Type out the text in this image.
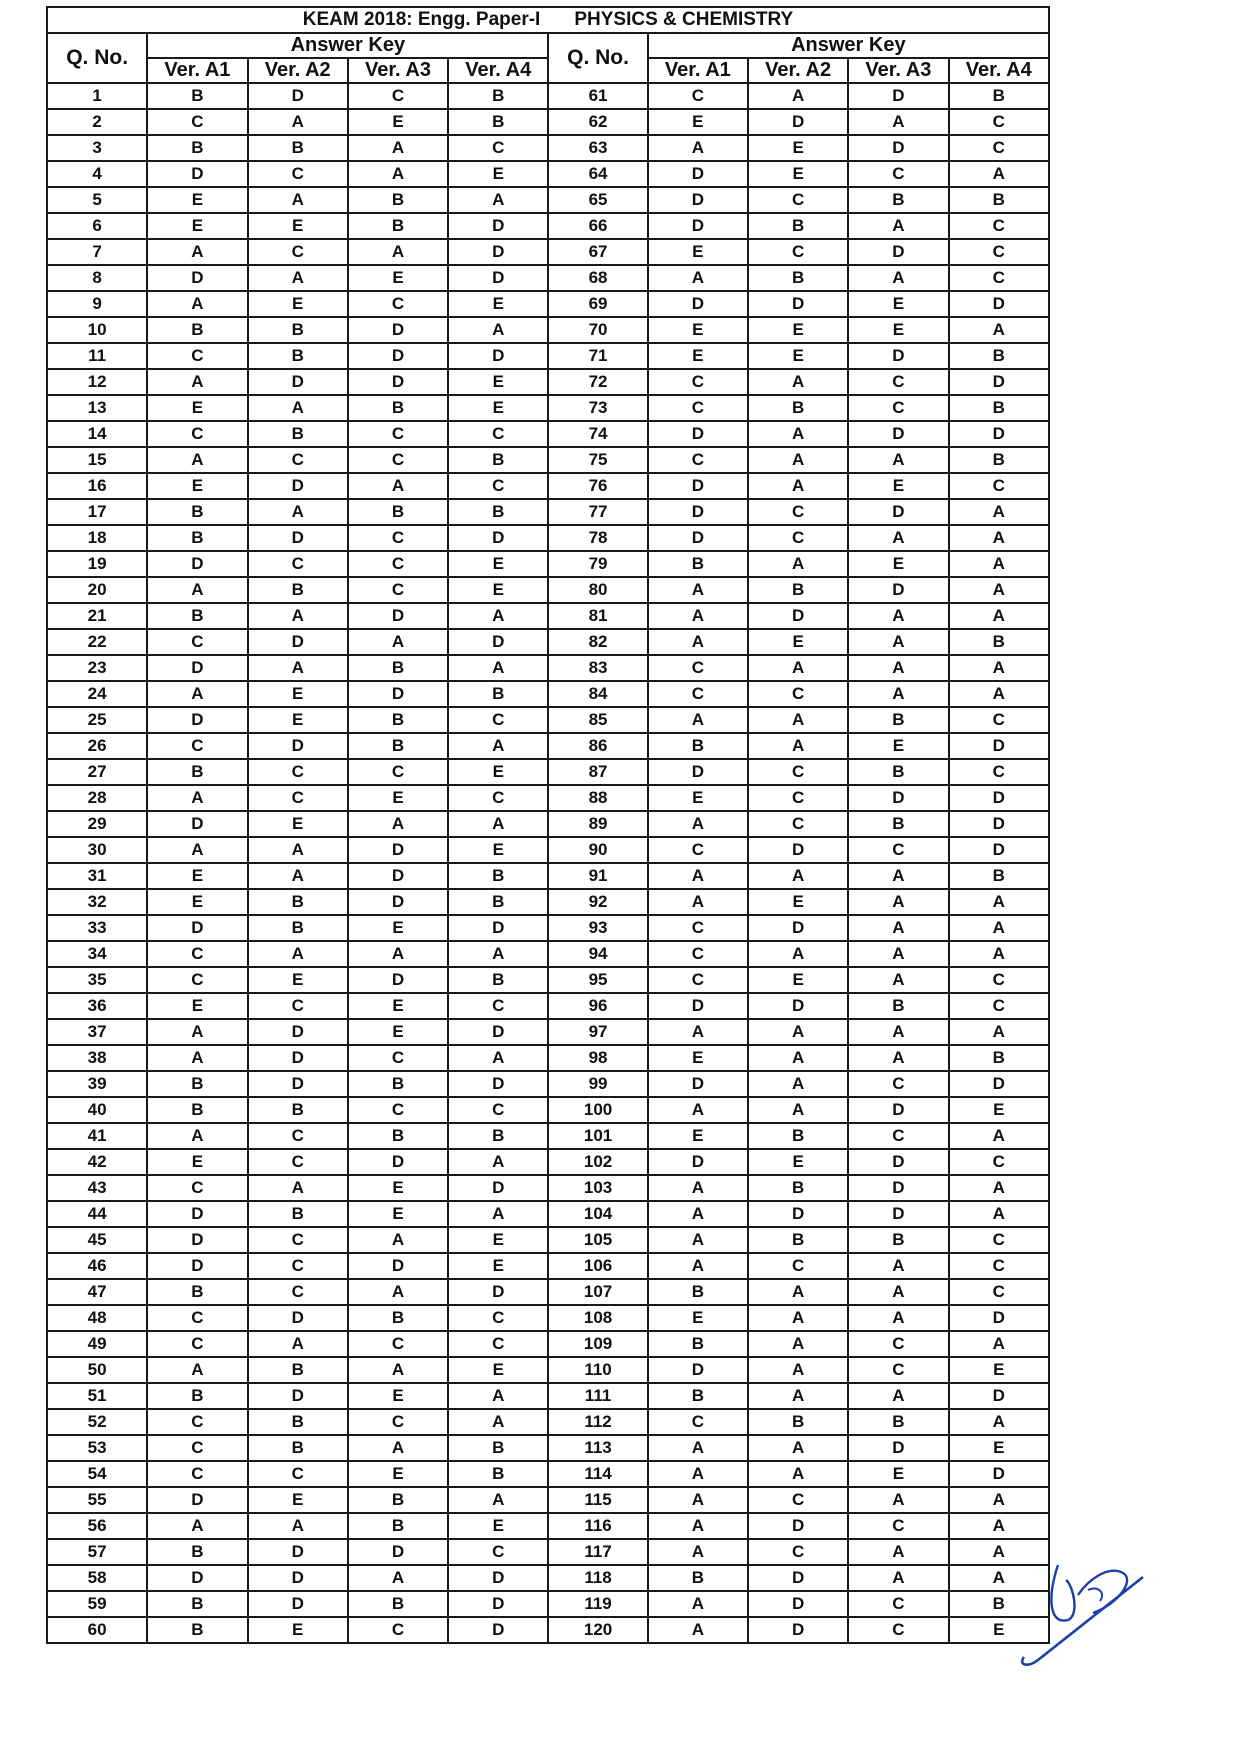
KEAM 2018: Engg. Paper-I PHYSICS & CHEMISTRY									
Q. No.	Answer Key				Q. No.	Answer Key			
	Ver. A1	Ver. A2	Ver. A3	Ver. A4		Ver. A1	Ver. A2	Ver. A3	Ver. A4
1	B	D	C	B	61	C	A	D	B
2	C	A	E	B	62	E	D	A	C
3	B	B	A	C	63	A	E	D	C
4	D	C	A	E	64	D	E	C	A
5	E	A	B	A	65	D	C	B	B
6	E	E	B	D	66	D	B	A	C
7	A	C	A	D	67	E	C	D	C
8	D	A	E	D	68	A	B	A	C
9	A	E	C	E	69	D	D	E	D
10	B	B	D	A	70	E	E	E	A
11	C	B	D	D	71	E	E	D	B
12	A	D	D	E	72	C	A	C	D
13	E	A	B	E	73	C	B	C	B
14	C	B	C	C	74	D	A	D	D
15	A	C	C	B	75	C	A	A	B
16	E	D	A	C	76	D	A	E	C
17	B	A	B	B	77	D	C	D	A
18	B	D	C	D	78	D	C	A	A
19	D	C	C	E	79	B	A	E	A
20	A	B	C	E	80	A	B	D	A
21	B	A	D	A	81	A	D	A	A
22	C	D	A	D	82	A	E	A	B
23	D	A	B	A	83	C	A	A	A
24	A	E	D	B	84	C	C	A	A
25	D	E	B	C	85	A	A	B	C
26	C	D	B	A	86	B	A	E	D
27	B	C	C	E	87	D	C	B	C
28	A	C	E	C	88	E	C	D	D
29	D	E	A	A	89	A	C	B	D
30	A	A	D	E	90	C	D	C	D
31	E	A	D	B	91	A	A	A	B
32	E	B	D	B	92	A	E	A	A
33	D	B	E	D	93	C	D	A	A
34	C	A	A	A	94	C	A	A	A
35	C	E	D	B	95	C	E	A	C
36	E	C	E	C	96	D	D	B	C
37	A	D	E	D	97	A	A	A	A
38	A	D	C	A	98	E	A	A	B
39	B	D	B	D	99	D	A	C	D
40	B	B	C	C	100	A	A	D	E
41	A	C	B	B	101	E	B	C	A
42	E	C	D	A	102	D	E	D	C
43	C	A	E	D	103	A	B	D	A
44	D	B	E	A	104	A	D	D	A
45	D	C	A	E	105	A	B	B	C
46	D	C	D	E	106	A	C	A	C
47	B	C	A	D	107	B	A	A	C
48	C	D	B	C	108	E	A	A	D
49	C	A	C	C	109	B	A	C	A
50	A	B	A	E	110	D	A	C	E
51	B	D	E	A	111	B	A	A	D
52	C	B	C	A	112	C	B	B	A
53	C	B	A	B	113	A	A	D	E
54	C	C	E	B	114	A	A	E	D
55	D	E	B	A	115	A	C	A	A
56	A	A	B	E	116	A	D	C	A
57	B	D	D	C	117	A	C	A	A
58	D	D	A	D	118	B	D	A	A
59	B	D	B	D	119	A	D	C	B
60	B	E	C	D	120	A	D	C	E
